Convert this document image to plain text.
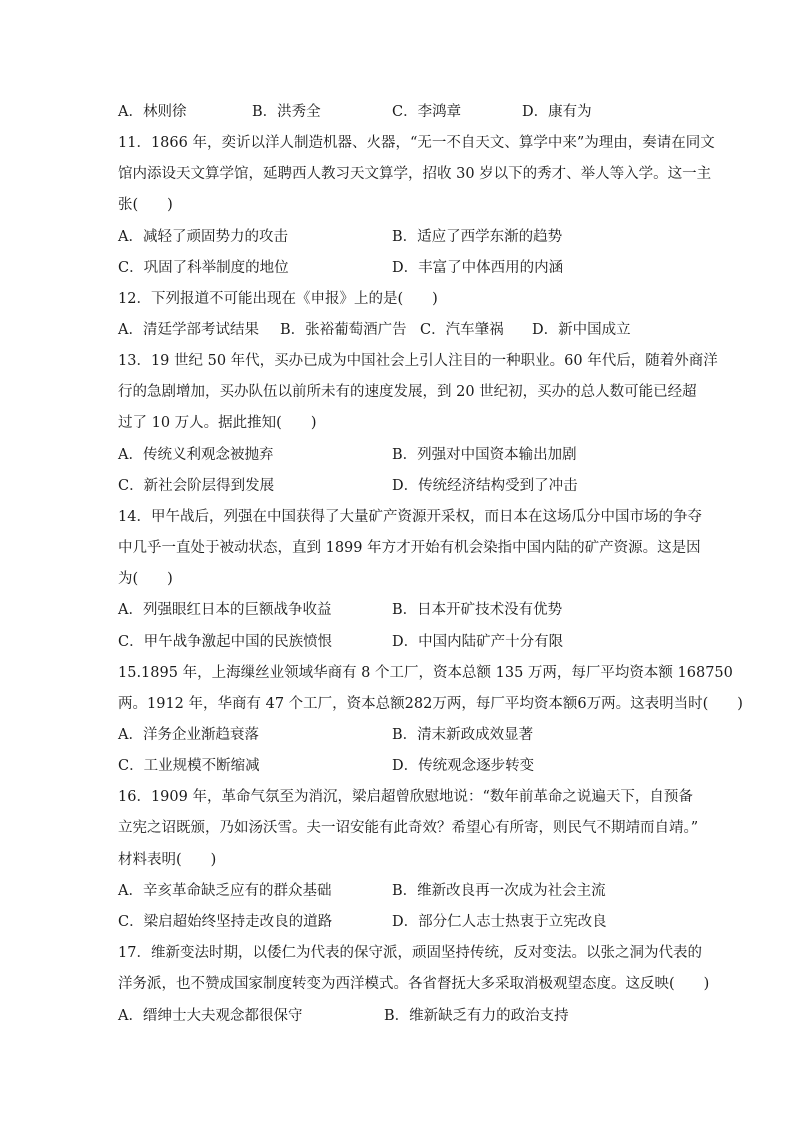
A．林则徐	B．洪秀全	C．李鸿章	D．康有为
11．1866 年，奕䜣以洋人制造机器、火器，“无一不自天文、算学中来”为理由，奏请在同文
馆内添设天文算学馆，延聘西人教习天文算学，招收 30 岁以下的秀才、举人等入学。这一主
张(　　)
A．减轻了顽固势力的攻击	B．适应了西学东渐的趋势
C．巩固了科举制度的地位	D．丰富了中体西用的内涵
12．下列报道不可能出现在《申报》上的是(　　)
A．清廷学部考试结果 B．张裕葡萄酒广告 C．汽车肇祸 D．新中国成立
13．19 世纪 50 年代，买办已成为中国社会上引人注目的一种职业。60 年代后，随着外商洋
行的急剧增加，买办队伍以前所未有的速度发展，到 20 世纪初，买办的总人数可能已经超
过了 10 万人。据此推知(　　)
A．传统义利观念被抛弃	B．列强对中国资本输出加剧
C．新社会阶层得到发展	D．传统经济结构受到了冲击
14．甲午战后，列强在中国获得了大量矿产资源开采权，而日本在这场瓜分中国市场的争夺
中几乎一直处于被动状态，直到 1899 年方才开始有机会染指中国内陆的矿产资源。这是因
为(　　)
A．列强眼红日本的巨额战争收益	B．日本开矿技术没有优势
C．甲午战争激起中国的民族愤恨	D．中国内陆矿产十分有限
15.1895 年，上海缫丝业领域华商有 8 个工厂，资本总额 135 万两，每厂平均资本额 168750
两。1912 年，华商有 47 个工厂，资本总额282万两，每厂平均资本额6万两。这表明当时(　　)
A．洋务企业渐趋衰落	B．清末新政成效显著
C．工业规模不断缩减	D．传统观念逐步转变
16．1909 年，革命气氛至为消沉，梁启超曾欣慰地说：“数年前革命之说遍天下，自预备
立宪之诏既颁，乃如汤沃雪。夫一诏安能有此奇效？希望心有所寄，则民气不期靖而自靖。”
材料表明(　　)
A．辛亥革命缺乏应有的群众基础	B．维新改良再一次成为社会主流
C．梁启超始终坚持走改良的道路	D．部分仁人志士热衷于立宪改良
17．维新变法时期，以倭仁为代表的保守派，顽固坚持传统，反对变法。以张之洞为代表的
洋务派，也不赞成国家制度转变为西洋模式。各省督抚大多采取消极观望态度。这反映(　　)
A．缙绅士大夫观念都很保守	B．维新缺乏有力的政治支持
